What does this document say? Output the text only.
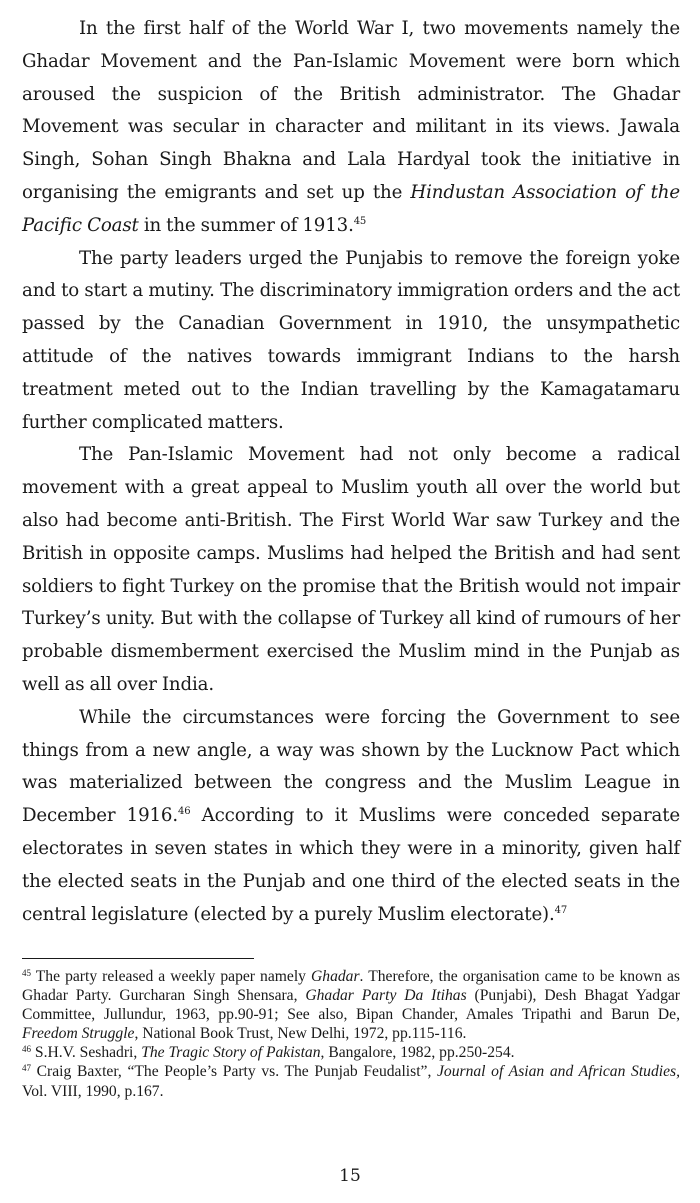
In the first half of the World War I, two movements namely the Ghadar Movement and the Pan-Islamic Movement were born which aroused the suspicion of the British administrator. The Ghadar Movement was secular in character and militant in its views. Jawala Singh, Sohan Singh Bhakna and Lala Hardyal took the initiative in organising the emigrants and set up the Hindustan Association of the Pacific Coast in the summer of 1913.45

The party leaders urged the Punjabis to remove the foreign yoke and to start a mutiny. The discriminatory immigration orders and the act passed by the Canadian Government in 1910, the unsympathetic attitude of the natives towards immigrant Indians to the harsh treatment meted out to the Indian travelling by the Kamagatamaru further complicated matters.

The Pan-Islamic Movement had not only become a radical movement with a great appeal to Muslim youth all over the world but also had become anti-British. The First World War saw Turkey and the British in opposite camps. Muslims had helped the British and had sent soldiers to fight Turkey on the promise that the British would not impair Turkey’s unity. But with the collapse of Turkey all kind of rumours of her probable dismemberment exercised the Muslim mind in the Punjab as well as all over India.

While the circumstances were forcing the Government to see things from a new angle, a way was shown by the Lucknow Pact which was materialized between the congress and the Muslim League in December 1916.46 According to it Muslims were conceded separate electorates in seven states in which they were in a minority, given half the elected seats in the Punjab and one third of the elected seats in the central legislature (elected by a purely Muslim electorate).$^{47}$

$^{45}$ The party released a weekly paper namely Ghadar. Therefore, the organisation came to be known as Ghadar Party. Gurcharan Singh Shensara, Ghadar Party Da Itihas (Punjabi), Desh Bhagat Yadgar Committee, Jullundur, 1963, pp.90-91; See also, Bipan Chander, Amales Tripathi and Barun De, Freedom Struggle, National Book Trust, New Delhi, 1972, pp.115-116.

$^{46}$ S.H.V. Seshadri, The Tragic Story of Pakistan, Bangalore, 1982, pp.250-254.

$^{47}$ Craig Baxter, “The People’s Party vs. The Punjab Feudalist”, Journal of Asian and African Studies, Vol. VIII, 1990, p.167.

15
